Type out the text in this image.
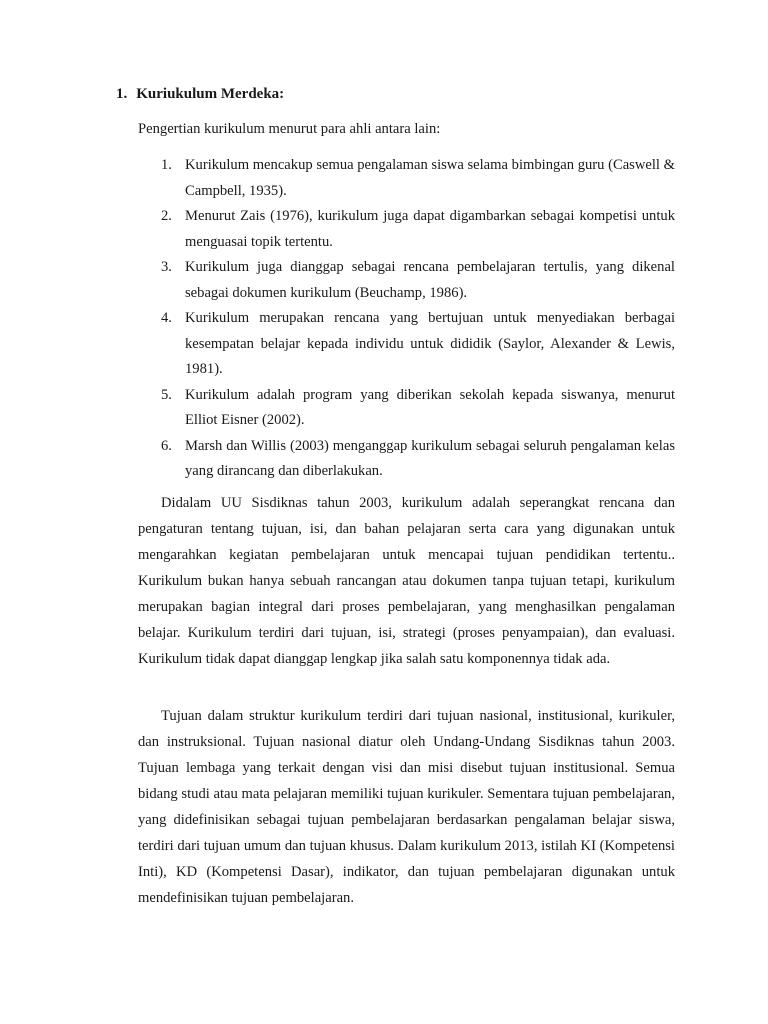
1. Kuriukulum Merdeka:
Pengertian kurikulum menurut para ahli antara lain:
1. Kurikulum mencakup semua pengalaman siswa selama bimbingan guru (Caswell & Campbell, 1935).
2. Menurut Zais (1976), kurikulum juga dapat digambarkan sebagai kompetisi untuk menguasai topik tertentu.
3. Kurikulum juga dianggap sebagai rencana pembelajaran tertulis, yang dikenal sebagai dokumen kurikulum (Beuchamp, 1986).
4. Kurikulum merupakan rencana yang bertujuan untuk menyediakan berbagai kesempatan belajar kepada individu untuk dididik (Saylor, Alexander & Lewis, 1981).
5. Kurikulum adalah program yang diberikan sekolah kepada siswanya, menurut Elliot Eisner (2002).
6. Marsh dan Willis (2003) menganggap kurikulum sebagai seluruh pengalaman kelas yang dirancang dan diberlakukan.

Didalam UU Sisdiknas tahun 2003, kurikulum adalah seperangkat rencana dan pengaturan tentang tujuan, isi, dan bahan pelajaran serta cara yang digunakan untuk mengarahkan kegiatan pembelajaran untuk mencapai tujuan pendidikan tertentu.. Kurikulum bukan hanya sebuah rancangan atau dokumen tanpa tujuan tetapi, kurikulum merupakan bagian integral dari proses pembelajaran, yang menghasilkan pengalaman belajar. Kurikulum terdiri dari tujuan, isi, strategi (proses penyampaian), dan evaluasi. Kurikulum tidak dapat dianggap lengkap jika salah satu komponennya tidak ada.

Tujuan dalam struktur kurikulum terdiri dari tujuan nasional, institusional, kurikuler, dan instruksional. Tujuan nasional diatur oleh Undang-Undang Sisdiknas tahun 2003. Tujuan lembaga yang terkait dengan visi dan misi disebut tujuan institusional. Semua bidang studi atau mata pelajaran memiliki tujuan kurikuler. Sementara tujuan pembelajaran, yang didefinisikan sebagai tujuan pembelajaran berdasarkan pengalaman belajar siswa, terdiri dari tujuan umum dan tujuan khusus. Dalam kurikulum 2013, istilah KI (Kompetensi Inti), KD (Kompetensi Dasar), indikator, dan tujuan pembelajaran digunakan untuk mendefinisikan tujuan pembelajaran.
